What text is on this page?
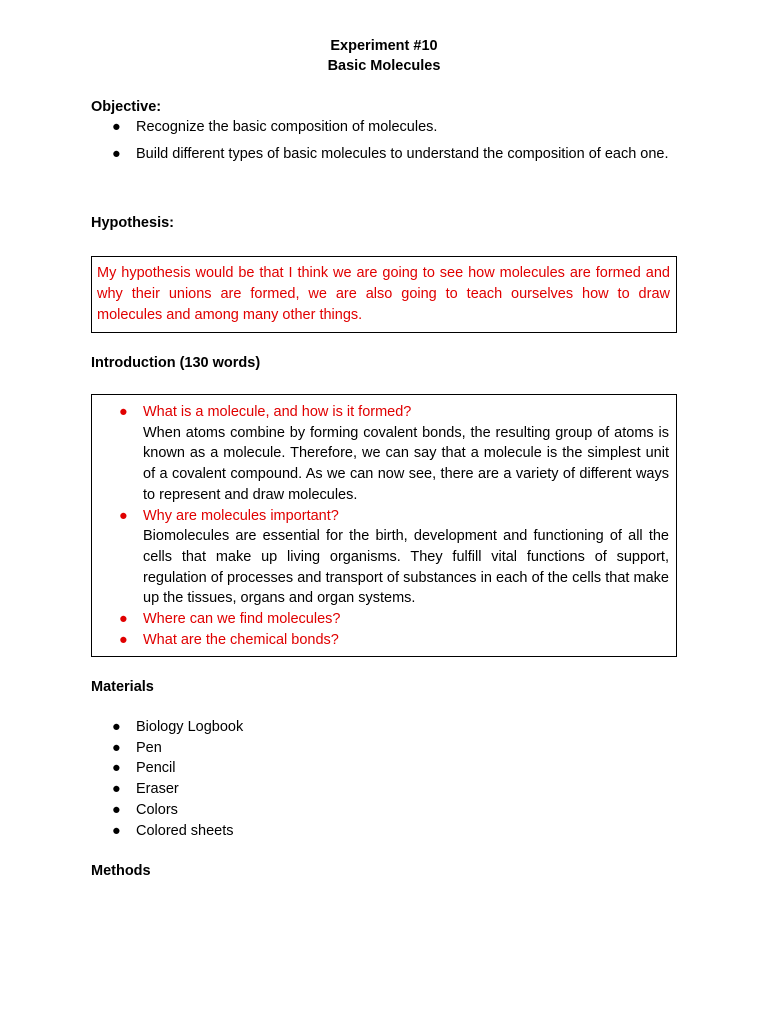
Experiment #10
Basic Molecules
Objective:
● Recognize the basic composition of molecules.
● Build different types of basic molecules to understand the composition of each one.
Hypothesis:
My hypothesis would be that I think we are going to see how molecules are formed and why their unions are formed, we are also going to teach ourselves how to draw molecules and among many other things.
Introduction (130 words)
● What is a molecule, and how is it formed?
When atoms combine by forming covalent bonds, the resulting group of atoms is known as a molecule. Therefore, we can say that a molecule is the simplest unit of a covalent compound. As we can now see, there are a variety of different ways to represent and draw molecules.
● Why are molecules important?
Biomolecules are essential for the birth, development and functioning of all the cells that make up living organisms. They fulfill vital functions of support, regulation of processes and transport of substances in each of the cells that make up the tissues, organs and organ systems.
● Where can we find molecules?
● What are the chemical bonds?
Materials
● Biology Logbook
● Pen
● Pencil
● Eraser
● Colors
● Colored sheets
Methods
